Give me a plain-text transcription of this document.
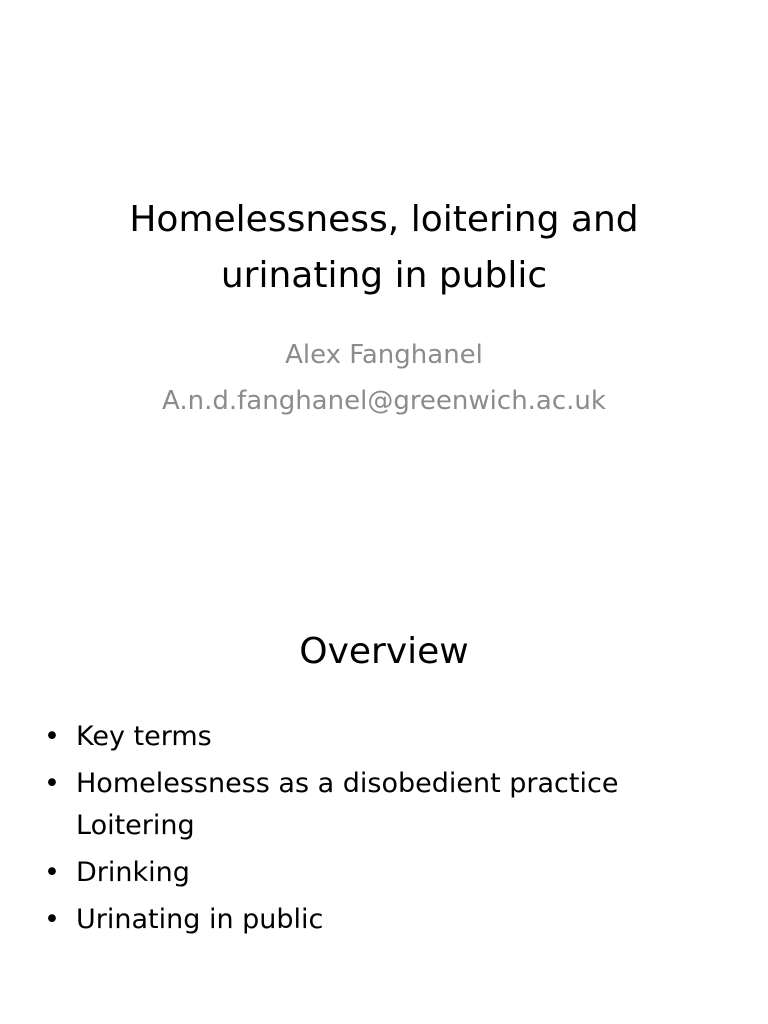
Homelessness, loitering and
urinating in public
Alex Fanghanel
A.n.d.fanghanel@greenwich.ac.uk
Overview
• Key terms
• Homelessness as a disobedient practice Loitering
• Drinking
• Urinating in public
